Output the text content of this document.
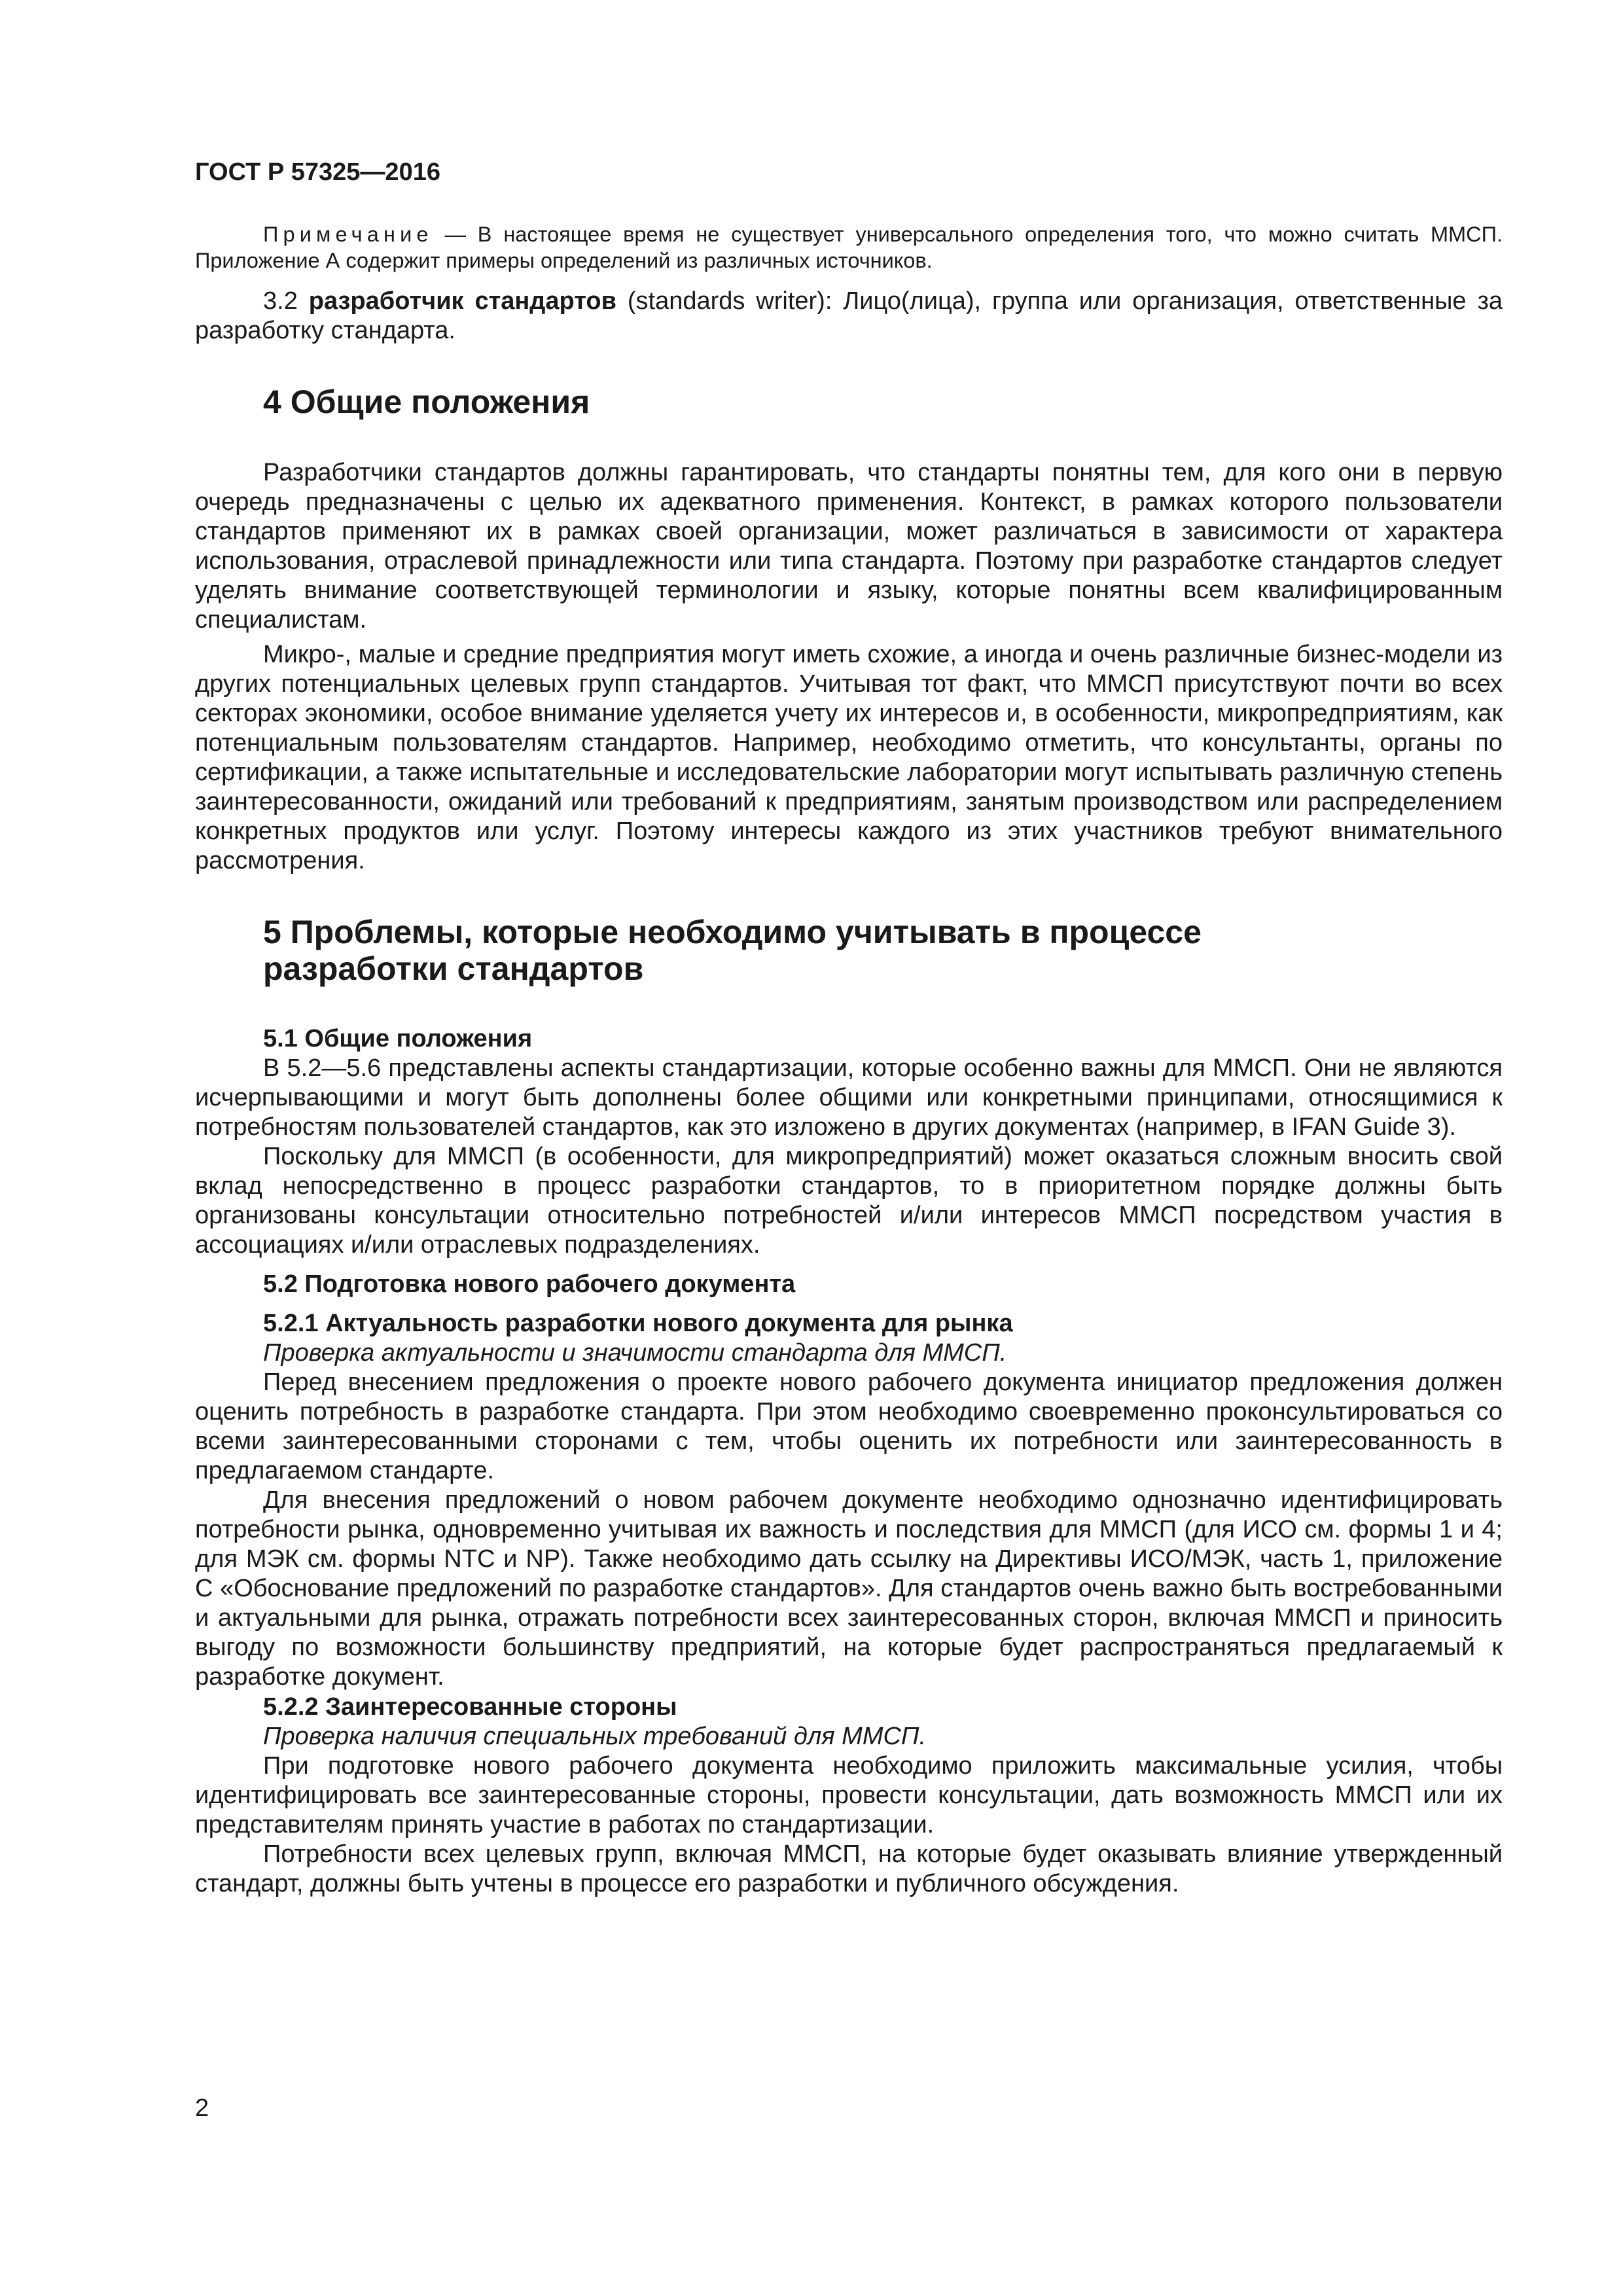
ГОСТ Р 57325—2016

Примечание — В настоящее время не существует универсального определения того, что можно считать ММСП. Приложение А содержит примеры определений из различных источников.

3.2 разработчик стандартов (standards writer): Лицо(лица), группа или организация, ответственные за разработку стандарта.

4 Общие положения

Разработчики стандартов должны гарантировать, что стандарты понятны тем, для кого они в первую очередь предназначены с целью их адекватного применения. Контекст, в рамках которого пользователи стандартов применяют их в рамках своей организации, может различаться в зависимости от характера использования, отраслевой принадлежности или типа стандарта. Поэтому при разработке стандартов следует уделять внимание соответствующей терминологии и языку, которые понятны всем квалифицированным специалистам.

Микро-, малые и средние предприятия могут иметь схожие, а иногда и очень различные бизнес-модели из других потенциальных целевых групп стандартов. Учитывая тот факт, что ММСП присутствуют почти во всех секторах экономики, особое внимание уделяется учету их интересов и, в особенности, микропредприятиям, как потенциальным пользователям стандартов. Например, необходимо отметить, что консультанты, органы по сертификации, а также испытательные и исследовательские лаборатории могут испытывать различную степень заинтересованности, ожиданий или требований к предприятиям, занятым производством или распределением конкретных продуктов или услуг. Поэтому интересы каждого из этих участников требуют внимательного рассмотрения.

5 Проблемы, которые необходимо учитывать в процессе
разработки стандартов
5.1 Общие положения

В 5.2—5.6 представлены аспекты стандартизации, которые особенно важны для ММСП. Они не являются исчерпывающими и могут быть дополнены более общими или конкретными принципами, относящимися к потребностям пользователей стандартов, как это изложено в других документах (например, в IFAN Guide 3).

Поскольку для ММСП (в особенности, для микропредприятий) может оказаться сложным вносить свой вклад непосредственно в процесс разработки стандартов, то в приоритетном порядке должны быть организованы консультации относительно потребностей и/или интересов ММСП посредством участия в ассоциациях и/или отраслевых подразделениях.

5.2 Подготовка нового рабочего документа
5.2.1 Актуальность разработки нового документа для рынка

Проверка актуальности и значимости стандарта для ММСП.

Перед внесением предложения о проекте нового рабочего документа инициатор предложения должен оценить потребность в разработке стандарта. При этом необходимо своевременно проконсультироваться со всеми заинтересованными сторонами с тем, чтобы оценить их потребности или заинтересованность в предлагаемом стандарте.

Для внесения предложений о новом рабочем документе необходимо однозначно идентифицировать потребности рынка, одновременно учитывая их важность и последствия для ММСП (для ИСО см. формы 1 и 4; для МЭК см. формы NTC и NP). Также необходимо дать ссылку на Директивы ИСО/МЭК, часть 1, приложение С «Обоснование предложений по разработке стандартов». Для стандартов очень важно быть востребованными и актуальными для рынка, отражать потребности всех заинтересованных сторон, включая ММСП и приносить выгоду по возможности большинству предприятий, на которые будет распространяться предлагаемый к разработке документ.

5.2.2 Заинтересованные стороны

Проверка наличия специальных требований для ММСП.

При подготовке нового рабочего документа необходимо приложить максимальные усилия, чтобы идентифицировать все заинтересованные стороны, провести консультации, дать возможность ММСП или их представителям принять участие в работах по стандартизации.

Потребности всех целевых групп, включая ММСП, на которые будет оказывать влияние утвержденный стандарт, должны быть учтены в процессе его разработки и публичного обсуждения.

2
